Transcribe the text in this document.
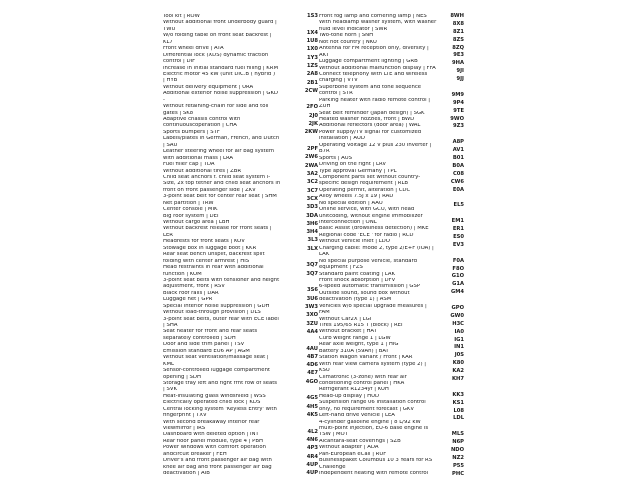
Tool kit | ROW
Without additional front underbody guard |
TWU
W/o folding table on front seat backrest |
KL7
Front wheel drive | ATA
Differential lock (XDS) dynamic traction
control | DIF
Increase in initial standard fuel filling | KRM
Electric motor 45 kW (unit DIC.B ( hybrid )
| HYB
Without delivery equipment | URA
Additional exterior noise suppression | GKD
-
Without retaining-chain for side and toll
gates | SK8
Adaptive chassis control with
continuouscoperation | CHA
Sports bumpers | STF
Labels/plates in German, French, and Dutch
| SAU
Leather steering wheel for air bag system
with additional mass | LRA
Fuel filler cap | TDA
Without additional tires | ZBR
Child seat anchors f. child seat system i-
Size, 2x top tether and child seat anchors in
front on front passenger side | ZKV
3-point seat belt for center rear seat | SHM
Net partition | TRW
Center console | MIK
Big roof system | DEI
Without cargo area | LBH
Without backrest release for front seats |
LER
Headrests for front seats | KOV
Stowage box in luggage boot | KKR
Rear seat bench unsplit, backrest split
folding with center armrest | HIS
Head restraints in rear with additional
function | KOM
3-point seat belts with tensioner and height
adjustment, front | RSV
Black roof rails | DAR
Luggage net | GPR
Special interior noise suppression | GDH
Without load-through provision | DLS
3-point seat belts, outer rear with ECE label
| SHA
Seat heater for front and rear seats
separately controlled | SDH
Door and side trim panel | TSV
Emission standard EU6 AP | AGM
Without seat ventilation/massage seat |
KML
Sensor-controlled luggage compartment
opening | SDH
Storage tray left and right frnt row of seats
| SVK
Heat-insulating glass windshield | WSS
Electrically operated child lock | KDS
Central locking system 'Keyless Entry' with
fingerprint | TXV
With second breakaway interior rear
viewmirror | IRS
Dashboard with deleted option | INT
Rear floor panel module, type 4 | PBH
Power windows with comfort operation
andcircuit breaker | FEH
Driver's and front passenger air bag with
knee air bag and front passenger air bag
deactivation | AIB
1S3
1X4
1U8
1X0
1Y3
1ZS
2A8
2B1
2CW
2FO
2J0
2JK
2KW
2PF
2W6
2WA
3A2
3C2
3C7
3CX
3D3
3DA
3H6
3H4
3L3
3LX
3Q7
3Q7
3S6
3U6
3W3
3XO
3ZU
4A4
4AU
4B7
4D6
4E7
4GO
4G5
4H5
4K5
4L2
4N6
4P3
4R4
4UP
4UP
Front fog lamp and cornering lamp | NES
With headlamp washer system, with washer
fluid level indicator | SWR
Two-tone horn | SNH
Not hot country | NKU
Antenna for FM reception only, diversity |
AKT
Luggage compartment lighting | GRB
Without additional malfunction display | FFA
Connect telephony with LTE and wireless
charging | VTV
Superbone system and tone sequence
control | STR
Parking heater with radio remote control |
ZUH
Seat belt reminder (Japan design) | SGK
Heated washer nozzles, front | BWD
Additional reflectors (door area) | WAL
Power supply/TV signal for customized
installation | AUD
Operating voltage 12 V plus 230 Inverter |
B7R
Sports | AUS
Driving on the right | LRV
Type approval Germany | TPL
Component parts set without country-
specific design requirement | RLB
Operating permit, alteration | CDC
Alloy wheels 7.5J x 19 | RAD
No special edition | AAU
Online service, with GCU, with head
unitcoding, without engine immobilizer
interconnection | ONL
Basic Assist (drowsiness detection) | MKE
Regional code 'ECE ' for radio | RCD
Without vehicle inlet | LDO
Charging cable: mode 2, type 2/E+F (IOA) |
LAK
No special purpose vehicle, standard
equipment | FZS
Standard paint coating | LAK
Front shock absorption | DFV
6-speed automatic transmission | GSP
Outside sound, sound box without
deactivation (type 1) | ASM
Vehicles w/o special upgrade measures |
FAM
Without Car2X | LGI
Tires 195/65 R15 T (block) | REI
Without bracket | HAT
Curb weight range 1 | LGW
Rear axle weight, type 1 | HIG
Battery 310A (59Ah) | BAT
Station Wagon Variant / Front | KAR
With rear view camera system (type 2) |
KSU
Climatronic (3-zone) with rear air
conditioning control panel | HKA
Refrigerant R1234yf | KUH
Head-up display | HUD
Suspension range 06 installation control
only, no requirement forecast | GKV
Left-hand drive vehicle | LEA
4-cylinder gasoline engine | 8 L/92 kW
multi-point injection, EU-6 base engine is
TSW | MOT
Alcantara-seat coverings | SZB
Without adapter | ADA
Pan-European eCall | RUF
Businesspaket Columbus 10 3 Years for RS
Challenge
Independent heating with remote control
8WH
8X8
8Z1
8ZS
8ZQ
9E3
9HA
9JI
9JJ
9M9
9P4
9TE
9WO
9Z3
A8P
AV1
B01
B0A
C08
CW6
E0A
EL5
EM1
ER1
ES0
EV3
F0A
F8O
G1O
G1A
GM4
GPO
GW0
H3C
IA0
IG1
IN1
J0S
K80
KA2
KH7
KK3
KS1
L08
LDL
MLS
N6P
NDO
NZ2
P55
PHC
